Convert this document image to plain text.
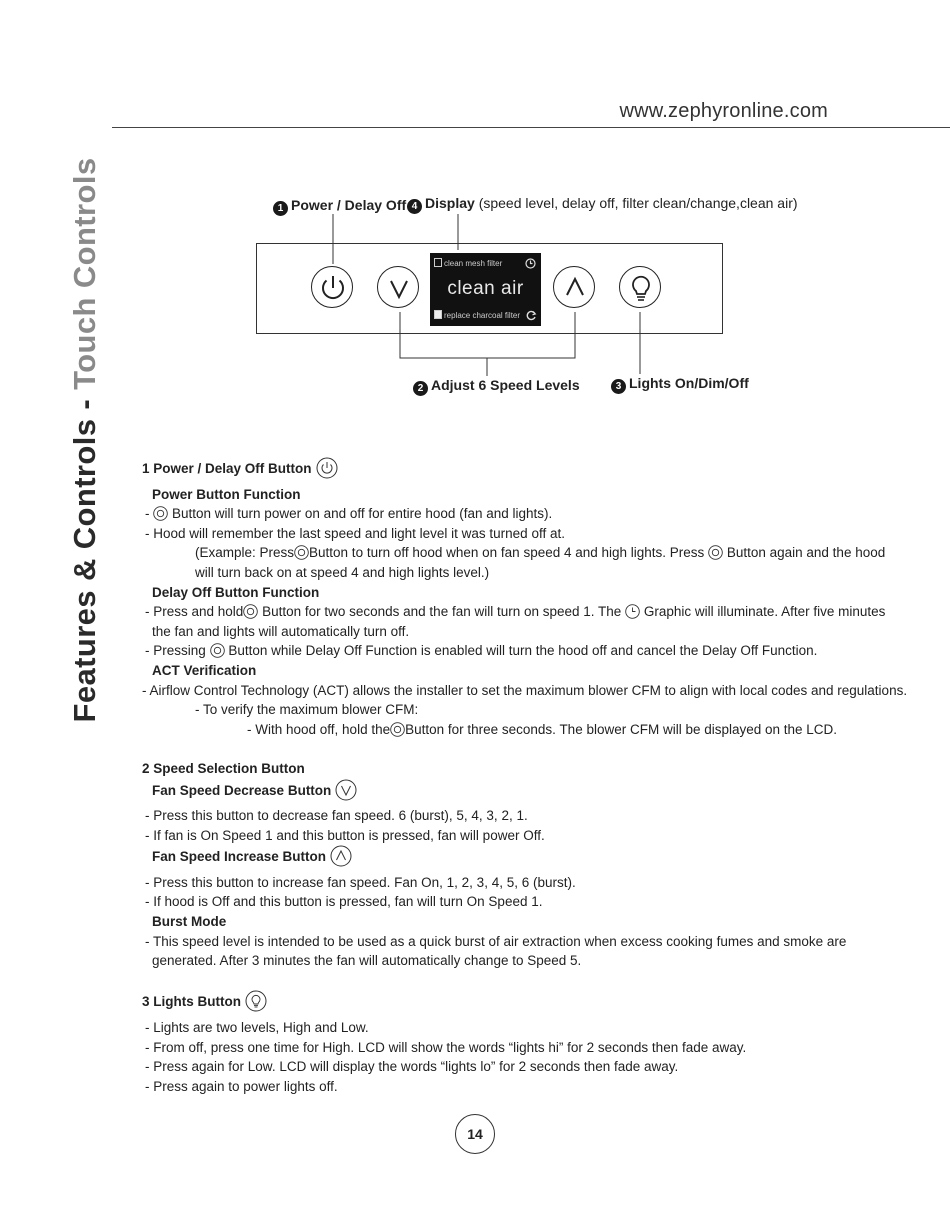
www.zephyronline.com
Features & Controls - Touch Controls	1 Power / Delay Off 4 Display (speed level, delay off, filter clean/change,clean air)
2 Adjust 6 Speed Levels	3 Lights On/Dim/Off
clean mesh filter
clean air
replace charcoal filter
1 Power / Delay Off Button
Power Button Function
-
Button will turn power on and off for entire hood (fan and lights).
- Hood will remember the last speed and light level it was turned off at.
(Example: Press Button to turn off hood when on fan speed 4 and high lights. Press Button again and the hood
will turn back on at speed 4 and high lights level.)
Delay Off Button Function
- Press and hold Button for two seconds and the fan will turn on speed 1. The Graphic will illuminate. After five minutes
the fan and lights will automatically turn off.
- Pressing Button while Delay Off Function is enabled will turn the hood off and cancel the Delay Off Function.
ACT Verification
- Airflow Control Technology (ACT) allows the installer to set the maximum blower CFM to align with local codes and regulations.
- To verify the maximum blower CFM:
- With hood off, hold the Button for three seconds. The blower CFM will be displayed on the LCD.
2 Speed Selection Button
Fan Speed Decrease Button
- Press this button to decrease fan speed. 6 (burst), 5, 4, 3, 2, 1.
- If fan is On Speed 1 and this button is pressed, fan will power Off.
Fan Speed Increase Button
- Press this button to increase fan speed. Fan On, 1, 2, 3, 4, 5, 6 (burst).
- If hood is Off and this button is pressed, fan will turn On Speed 1.
Burst Mode
- This speed level is intended to be used as a quick burst of air extraction when excess cooking fumes and smoke are
generated. After 3 minutes the fan will automatically change to Speed 5.
3 Lights Button
- Lights are two levels, High and Low.
- From off, press one time for High. LCD will show the words “lights hi” for 2 seconds then fade away.
- Press again for Low. LCD will display the words “lights lo” for 2 seconds then fade away.
- Press again to power lights off.
14
